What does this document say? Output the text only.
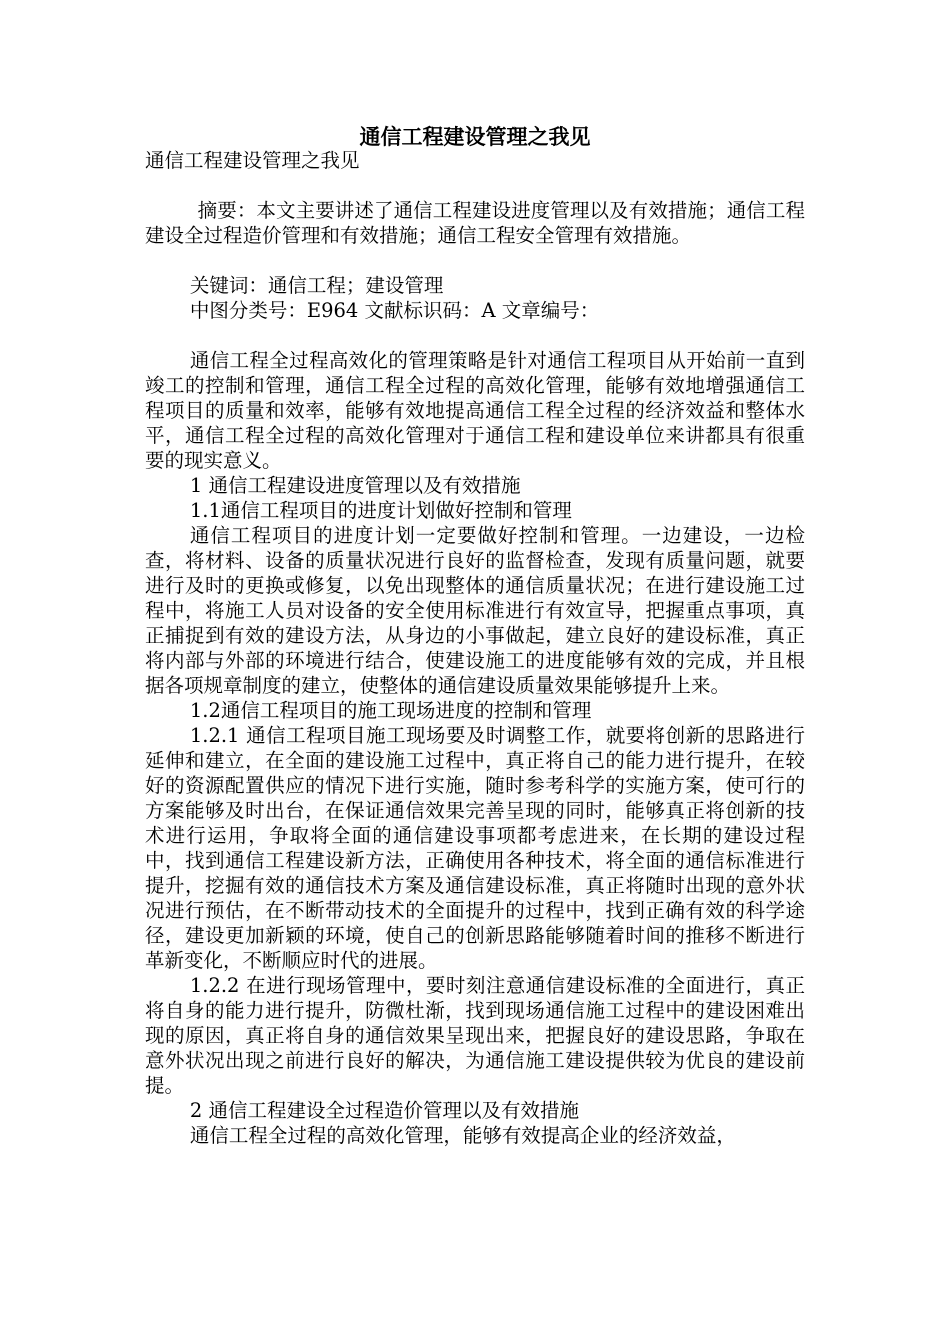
通信工程建设管理之我见

通信工程建设管理之我见

摘要：本文主要讲述了通信工程建设进度管理以及有效措施；通信工程建设全过程造价管理和有效措施；通信工程安全管理有效措施。

关键词：通信工程；建设管理

中图分类号：E964 文献标识码：A 文章编号：

通信工程全过程高效化的管理策略是针对通信工程项目从开始前一直到竣工的控制和管理，通信工程全过程的高效化管理，能够有效地增强通信工程项目的质量和效率，能够有效地提高通信工程全过程的经济效益和整体水平，通信工程全过程的高效化管理对于通信工程和建设单位来讲都具有很重要的现实意义。

1 通信工程建设进度管理以及有效措施

1.1通信工程项目的进度计划做好控制和管理

通信工程项目的进度计划一定要做好控制和管理。一边建设，一边检查，将材料、设备的质量状况进行良好的监督检查，发现有质量问题，就要进行及时的更换或修复，以免出现整体的通信质量状况；在进行建设施工过程中，将施工人员对设备的安全使用标准进行有效宣导，把握重点事项，真正捕捉到有效的建设方法，从身边的小事做起，建立良好的建设标准，真正将内部与外部的环境进行结合，使建设施工的进度能够有效的完成，并且根据各项规章制度的建立，使整体的通信建设质量效果能够提升上来。

1.2通信工程项目的施工现场进度的控制和管理

1.2.1 通信工程项目施工现场要及时调整工作，就要将创新的思路进行延伸和建立，在全面的建设施工过程中，真正将自己的能力进行提升，在较好的资源配置供应的情况下进行实施，随时参考科学的实施方案，使可行的方案能够及时出台，在保证通信效果完善呈现的同时，能够真正将创新的技术进行运用，争取将全面的通信建设事项都考虑进来，在长期的建设过程中，找到通信工程建设新方法，正确使用各种技术，将全面的通信标准进行提升，挖掘有效的通信技术方案及通信建设标准，真正将随时出现的意外状况进行预估，在不断带动技术的全面提升的过程中，找到正确有效的科学途径，建设更加新颖的环境，使自己的创新思路能够随着时间的推移不断进行革新变化，不断顺应时代的进展。

1.2.2 在进行现场管理中，要时刻注意通信建设标准的全面进行，真正将自身的能力进行提升，防微杜渐，找到现场通信施工过程中的建设困难出现的原因，真正将自身的通信效果呈现出来，把握良好的建设思路，争取在意外状况出现之前进行良好的解决，为通信施工建设提供较为优良的建设前提。

2 通信工程建设全过程造价管理以及有效措施

通信工程全过程的高效化管理，能够有效提高企业的经济效益，
